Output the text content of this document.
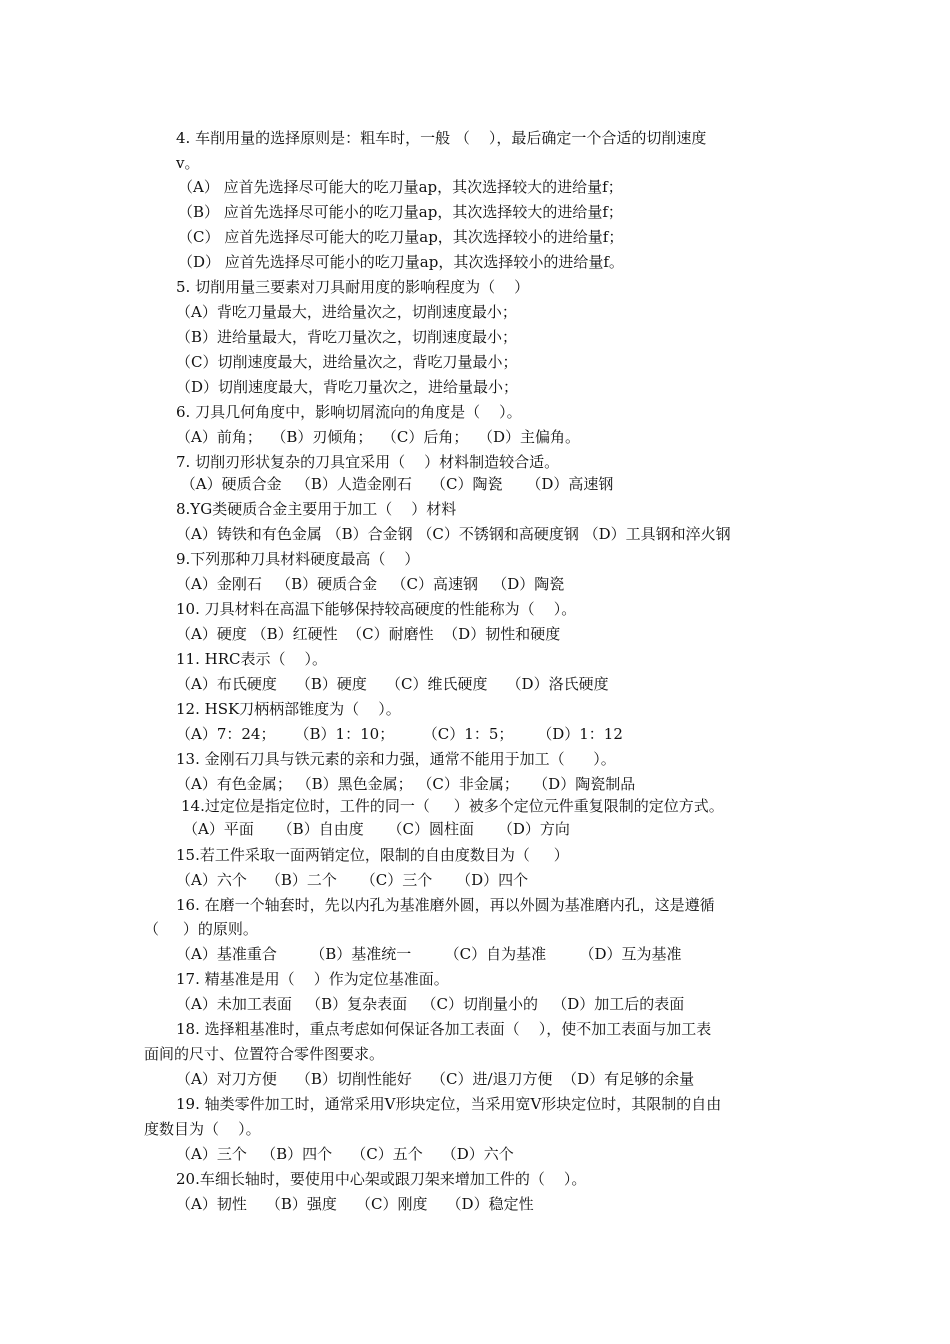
4. 车削用量的选择原则是：粗车时，一般 （    ），最后确定一个合适的切削速度
v。
（A） 应首先选择尽可能大的吃刀量ap，其次选择较大的进给量f；
（B） 应首先选择尽可能小的吃刀量ap，其次选择较大的进给量f；
（C） 应首先选择尽可能大的吃刀量ap，其次选择较小的进给量f；
（D） 应首先选择尽可能小的吃刀量ap，其次选择较小的进给量f。
5. 切削用量三要素对刀具耐用度的影响程度为（    ）
（A）背吃刀量最大，进给量次之，切削速度最小；
（B）进给量最大，背吃刀量次之，切削速度最小；
（C）切削速度最大，进给量次之，背吃刀量最小；
（D）切削速度最大，背吃刀量次之，进给量最小；
6. 刀具几何角度中，影响切屑流向的角度是（    ）。
（A）前角；  （B）刃倾角；  （C）后角；  （D）主偏角。
7. 切削刃形状复杂的刀具宜采用（    ）材料制造较合适。
（A）硬质合金   （B）人造金刚石    （C）陶瓷     （D）高速钢
8.YG类硬质合金主要用于加工（    ）材料
（A）铸铁和有色金属 （B）合金钢 （C）不锈钢和高硬度钢 （D）工具钢和淬火钢
9.下列那种刀具材料硬度最高（    ）
（A）金刚石   （B）硬质合金   （C）高速钢   （D）陶瓷
10. 刀具材料在高温下能够保持较高硬度的性能称为（    ）。
（A）硬度 （B）红硬性  （C）耐磨性  （D）韧性和硬度
11. HRC表示（    ）。
（A）布氏硬度    （B）硬度    （C）维氏硬度    （D）洛氏硬度
12. HSK刀柄柄部锥度为（    ）。
（A）7：24；    （B）1：10；      （C）1：5；     （D）1：12
13. 金刚石刀具与铁元素的亲和力强，通常不能用于加工（      ）。
（A）有色金属； （B）黑色金属； （C）非金属；   （D）陶瓷制品
14.过定位是指定位时，工件的同一（     ）被多个定位元件重复限制的定位方式。
（A）平面     （B）自由度     （C）圆柱面     （D）方向
15.若工件采取一面两销定位，限制的自由度数目为（     ）
（A）六个    （B）二个     （C）三个     （D）四个
16. 在磨一个轴套时，先以内孔为基准磨外圆，再以外圆为基准磨内孔，这是遵循
（     ）的原则。
（A）基准重合       （B）基准统一       （C）自为基准       （D）互为基准
17. 精基准是用（    ）作为定位基准面。
（A）未加工表面   （B）复杂表面   （C）切削量小的   （D）加工后的表面
18. 选择粗基准时，重点考虑如何保证各加工表面（    ），使不加工表面与加工表
面间的尺寸、位置符合零件图要求。
（A）对刀方便    （B）切削性能好    （C）进/退刀方便  （D）有足够的余量
19. 轴类零件加工时，通常采用V形块定位，当采用宽V形块定位时，其限制的自由
度数目为（    ）。
（A）三个   （B）四个    （C）五个    （D）六个
20.车细长轴时，要使用中心架或跟刀架来增加工件的（    ）。
（A）韧性    （B）强度    （C）刚度    （D）稳定性
